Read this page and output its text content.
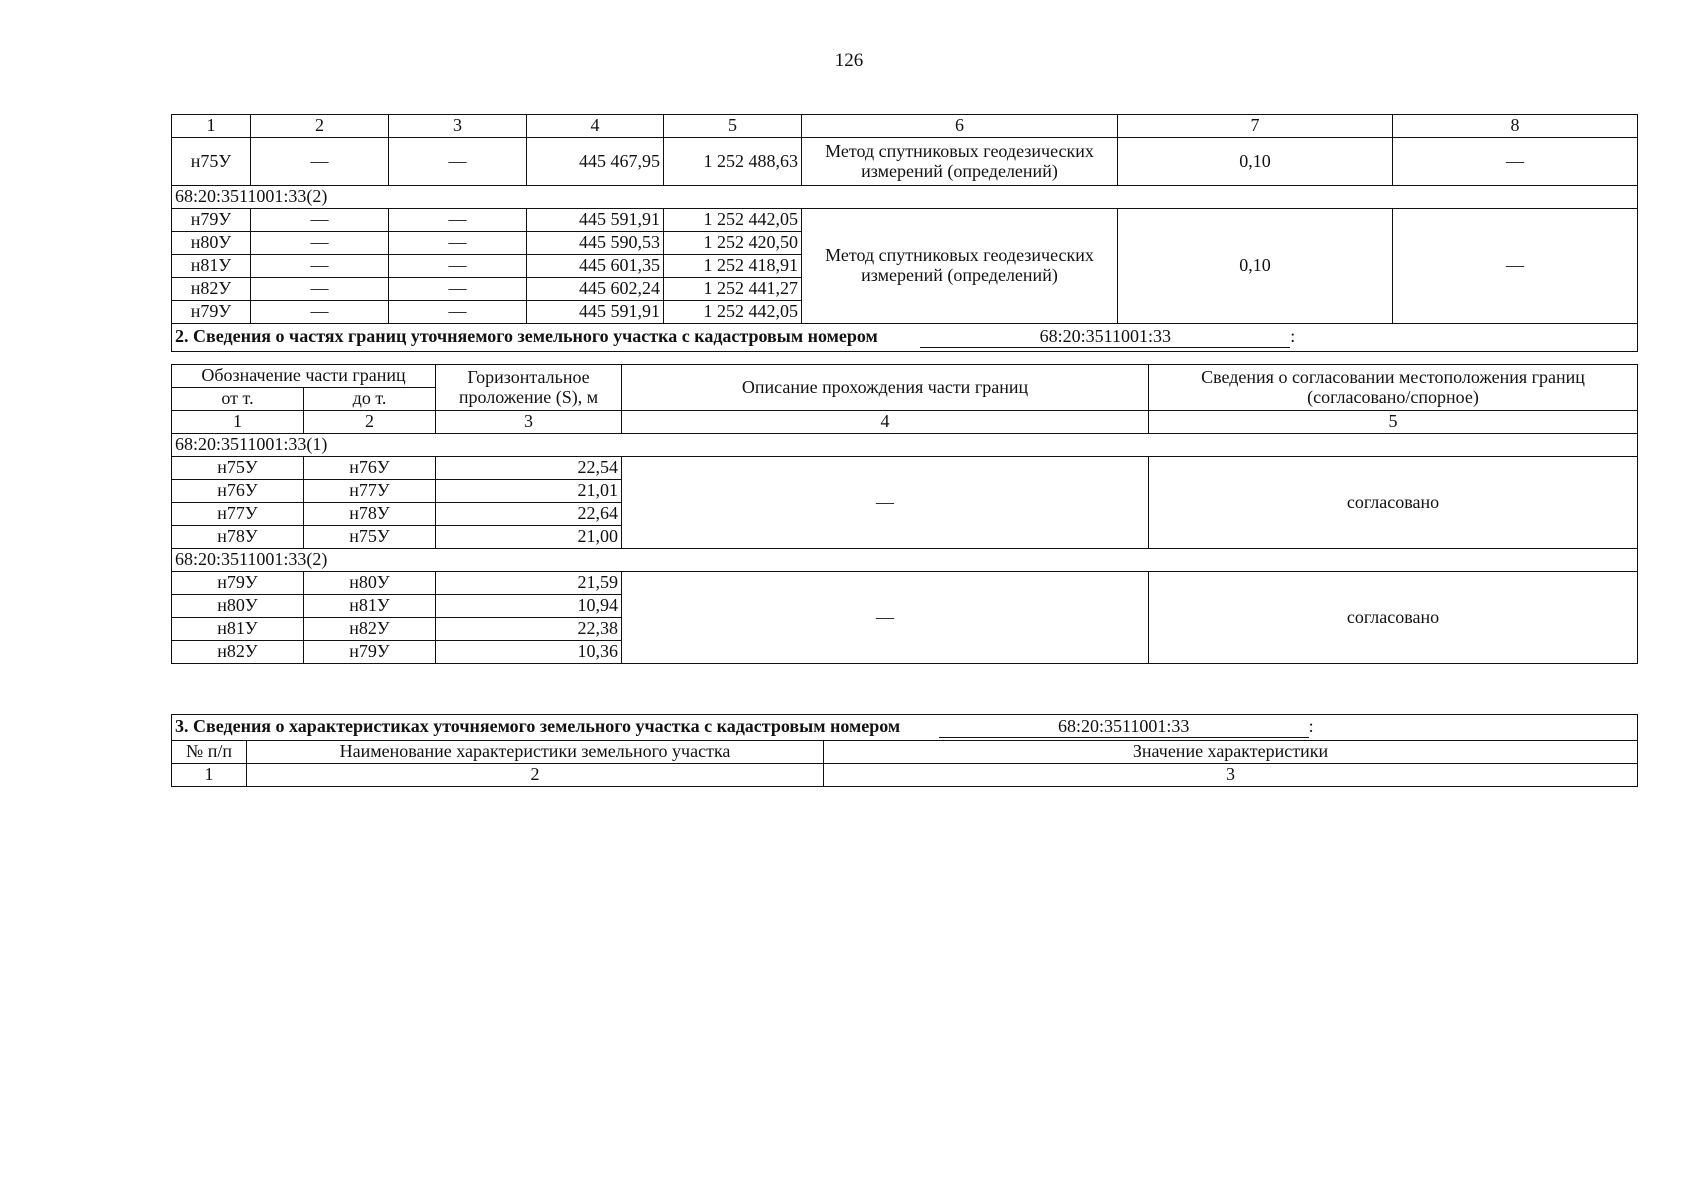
126
1	2	3	4	5	6	7	8
н75У	—	—	445 467,95	1 252 488,63	Метод спутниковых геодезических измерений (определений)	0,10	—
68:20:3511001:33(2)							
н79У	—	—	445 591,91	1 252 442,05	Метод спутниковых геодезических измерений (определений)	0,10	—
н80У	—	—	445 590,53	1 252 420,50			
н81У	—	—	445 601,35	1 252 418,91			
н82У	—	—	445 602,24	1 252 441,27			
н79У	—	—	445 591,91	1 252 442,05			
2. Сведения о частях границ уточняемого земельного участка с кадастровым номером 68:20:3511001:33 :							
Обозначение части границ		Горизонтальное проложение (S), м	Описание прохождения части границ	Сведения о согласовании местоположения границ (согласовано/спорное)
от т.	до т.			
1	2	3	4	5
68:20:3511001:33(1)				
н75У	н76У	22,54	—	согласовано
н76У	н77У	21,01		
н77У	н78У	22,64		
н78У	н75У	21,00		
68:20:3511001:33(2)				
н79У	н80У	21,59	—	согласовано
н80У	н81У	10,94		
н81У	н82У	22,38		
н82У	н79У	10,36		
3. Сведения о характеристиках уточняемого земельного участка с кадастровым номером 68:20:3511001:33 :		
№ п/п	Наименование характеристики земельного участка	Значение характеристики
1	2	3
